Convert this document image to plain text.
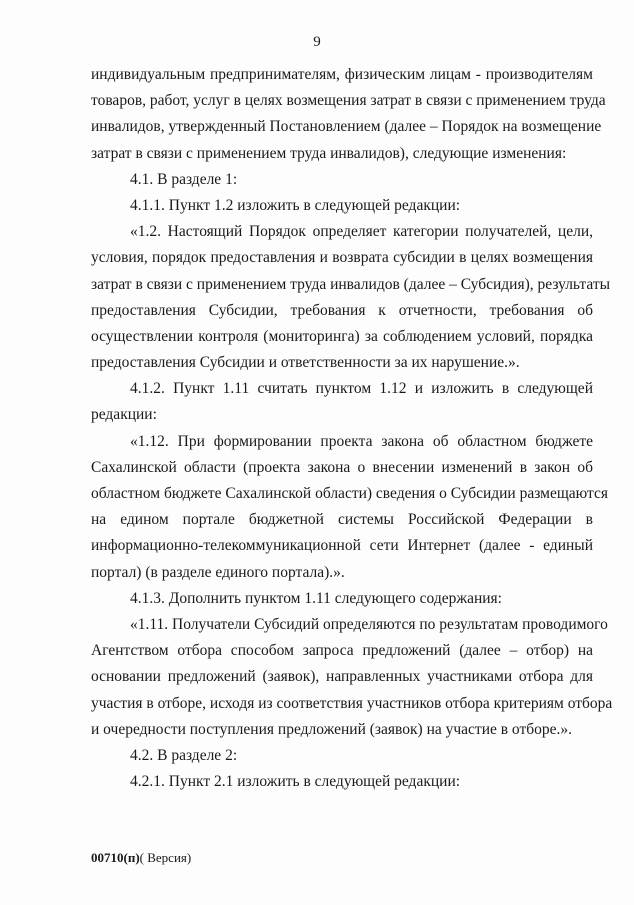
9
индивидуальным предпринимателям, физическим лицам - производителям
товаров, работ, услуг в целях возмещения затрат в связи с применением труда
инвалидов, утвержденный Постановлением (далее – Порядок на возмещение
затрат в связи с применением труда инвалидов), следующие изменения:
4.1. В разделе 1:
4.1.1. Пункт 1.2 изложить в следующей редакции:
«1.2. Настоящий Порядок определяет категории получателей, цели,
условия, порядок предоставления и возврата субсидии в целях возмещения
затрат в связи с применением труда инвалидов (далее – Субсидия), результаты
предоставления Субсидии, требования к отчетности, требования об
осуществлении контроля (мониторинга) за соблюдением условий, порядка
предоставления Субсидии и ответственности за их нарушение.».
4.1.2. Пункт 1.11 считать пунктом 1.12 и изложить в следующей
редакции:
«1.12. При формировании проекта закона об областном бюджете
Сахалинской области (проекта закона о внесении изменений в закон об
областном бюджете Сахалинской области) сведения о Субсидии размещаются
на едином портале бюджетной системы Российской Федерации в
информационно-телекоммуникационной сети Интернет (далее - единый
портал) (в разделе единого портала).».
4.1.3. Дополнить пунктом 1.11 следующего содержания:
«1.11. Получатели Субсидий определяются по результатам проводимого
Агентством отбора способом запроса предложений (далее – отбор) на
основании предложений (заявок), направленных участниками отбора для
участия в отборе, исходя из соответствия участников отбора критериям отбора
и очередности поступления предложений (заявок) на участие в отборе.».
4.2. В разделе 2:
4.2.1. Пункт 2.1 изложить в следующей редакции:
00710(п)( Версия)
